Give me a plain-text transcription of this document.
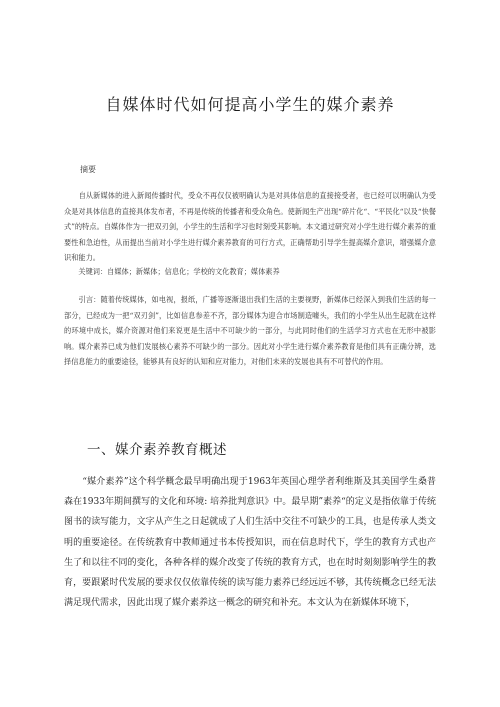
自媒体时代如何提高小学生的媒介素养
摘要

　　自从新媒体的进入新闻传播时代，受众不再仅仅被明确认为是对具体信息的直接接受者，也已经可以明确认为受众是对具体信息的直接具体发布者，不再是传统的传播者和受众角色。使新闻生产出现“碎片化“、“平民化“以及“快餐式”的特点。自媒体作为一把双刃剑，小学生的生活和学习也时刻受其影响。本文通过研究对小学生进行媒介素养的重要性和急迫性，从而提出当前对小学生进行媒介素养教育的可行方式，正确帮助引导学生提高媒介意识，增强媒介意识和能力。

　　关键词：自媒体；新媒体；信息化；学校的文化教育；媒体素养

　　引言：随着传统媒体，如电视，报纸，广播等逐渐退出我们生活的主要视野，新媒体已经深入到我们生活的每一部分，已经成为一把“双刃剑”，比如信息参差不齐，部分媒体为迎合市场制造噱头，我们的小学生从出生起就在这样的环境中成长，媒介资源对他们来说更是生活中不可缺少的一部分，与此同时他们的生活学习方式也在无形中被影响。媒介素养已成为他们发展核心素养不可缺少的一部分。因此对小学生进行媒介素养教育是他们具有正确分辨，选择信息能力的重要途径，能够具有良好的认知和应对能力，对他们未来的发展也具有不可替代的作用。

一、媒介素养教育概述

　　“媒介素养”这个科学概念最早明确出现于1963年英国心理学者利维斯及其美国学生桑普森在1933年期间撰写的文化和环境: 培养批判意识》中。最早期”素养“的定义是指依靠于传统图书的读写能力，文字从产生之日起就成了人们生活中交往不可缺少的工具，也是传承人类文明的重要途径。在传统教育中教师通过书本传授知识，而在信息时代下，学生的教育方式也产生了和以往不同的变化，各种各样的媒介改变了传统的教育方式，也在时时刻刻影响学生的教育，要跟紧时代发展的要求仅仅依靠传统的读写能力素养已经远远不够，其传统概念已经无法满足现代需求，因此出现了媒介素养这一概念的研究和补充。本文认为在新媒体环境下，
